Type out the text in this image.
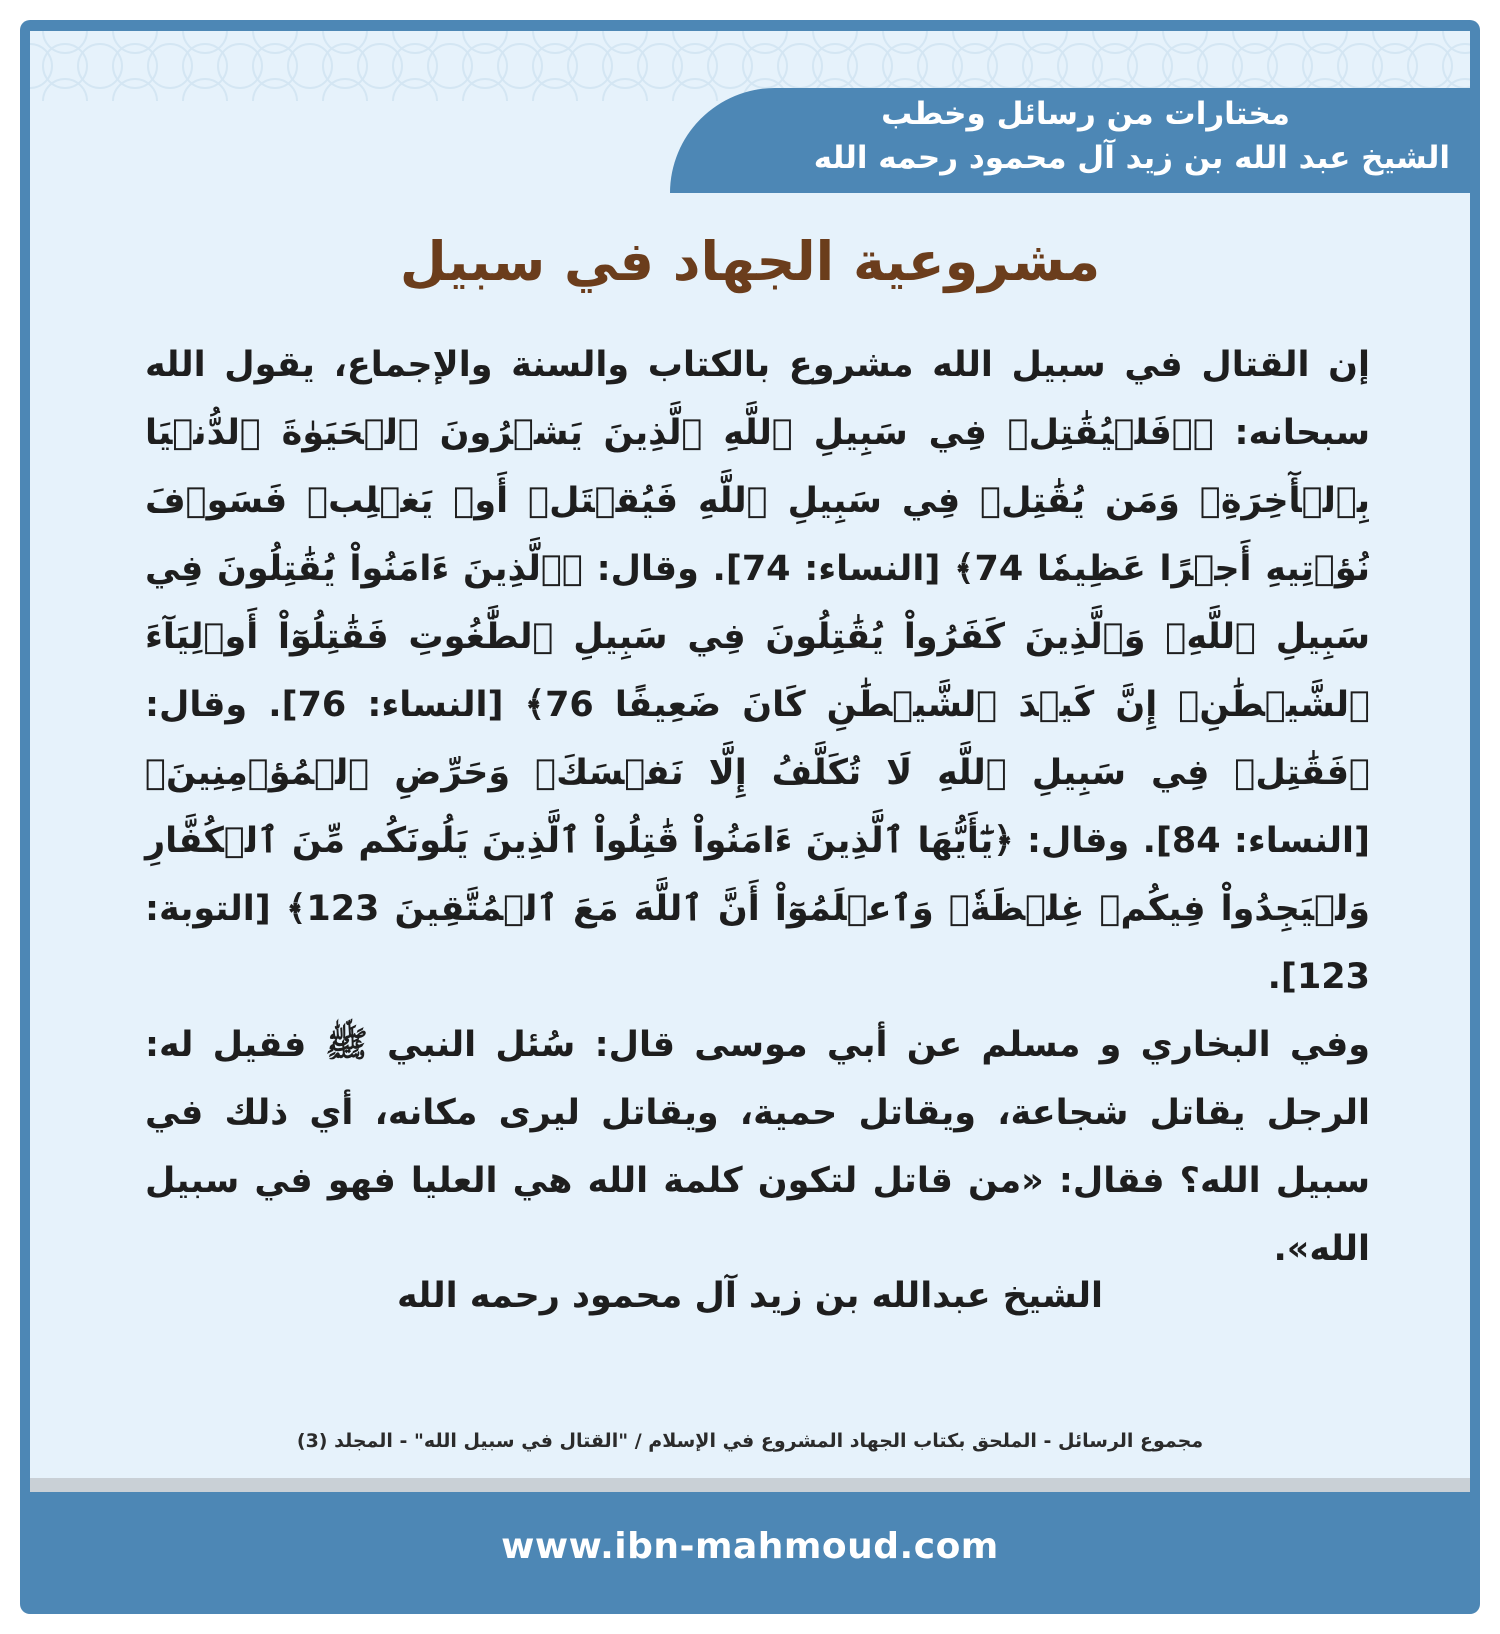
مختارات من رسائل وخطب

الشيخ عبد الله بن زيد آل محمود رحمه الله

مشروعية الجهاد في سبيل

إن القتال في سبيل الله مشروع بالكتاب والسنة والإجماع، يقول الله سبحانه: ﴿۞فَلۡيُقَٰتِلۡ فِي سَبِيلِ ٱللَّهِ ٱلَّذِينَ يَشۡرُونَ ٱلۡحَيَوٰةَ ٱلدُّنۡيَا بِٱلۡأٓخِرَةِۚ وَمَن يُقَٰتِلۡ فِي سَبِيلِ ٱللَّهِ فَيُقۡتَلۡ أَوۡ يَغۡلِبۡ فَسَوۡفَ نُؤۡتِيهِ أَجۡرًا عَظِيمٗا 74﴾ [النساء: 74]. وقال: ﴿ٱلَّذِينَ ءَامَنُواْ يُقَٰتِلُونَ فِي سَبِيلِ ٱللَّهِۖ وَٱلَّذِينَ كَفَرُواْ يُقَٰتِلُونَ فِي سَبِيلِ ٱلطَّٰغُوتِ فَقَٰتِلُوٓاْ أَوۡلِيَآءَ ٱلشَّيۡطَٰنِۖ إِنَّ كَيۡدَ ٱلشَّيۡطَٰنِ كَانَ ضَعِيفًا 76﴾ [النساء: 76]. وقال: ﴿فَقَٰتِلۡ فِي سَبِيلِ ٱللَّهِ لَا تُكَلَّفُ إِلَّا نَفۡسَكَۚ وَحَرِّضِ ٱلۡمُؤۡمِنِينَ﴾ [النساء: 84]. وقال: ﴿يَٰٓأَيُّهَا ٱلَّذِينَ ءَامَنُواْ قَٰتِلُواْ ٱلَّذِينَ يَلُونَكُم مِّنَ ٱلۡكُفَّارِ وَلۡيَجِدُواْ فِيكُمۡ غِلۡظَةٗۚ وَٱعۡلَمُوٓاْ أَنَّ ٱللَّهَ مَعَ ٱلۡمُتَّقِينَ 123﴾ [التوبة: 123].

وفي البخاري و مسلم عن أبي موسى قال: سُئل النبي ﷺ فقيل له: الرجل يقاتل شجاعة، ويقاتل حمية، ويقاتل ليرى مكانه، أي ذلك في سبيل الله؟ فقال: «من قاتل لتكون كلمة الله هي العليا فهو في سبيل الله».

الشيخ عبدالله بن زيد آل محمود رحمه الله

مجموع الرسائل - الملحق بكتاب الجهاد المشروع في الإسلام / "القتال في سبيل الله" - المجلد (3)

www.ibn-mahmoud.com
